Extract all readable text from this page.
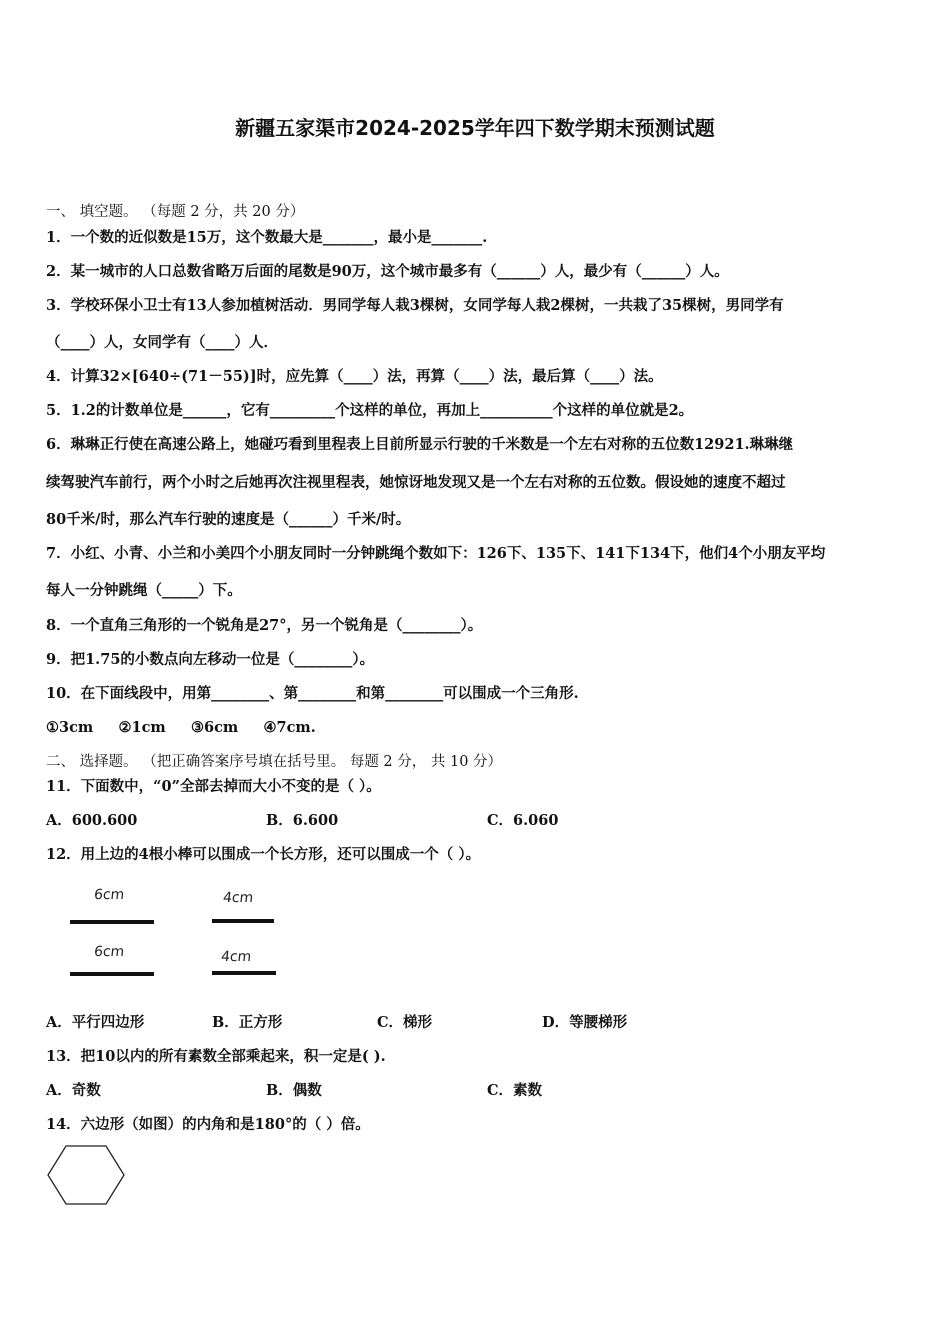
新疆五家渠市2024-2025学年四下数学期末预测试题
一、 填空题。 （每题 2 分，共 20 分）
1．一个数的近似数是15万，这个数最大是_______，最小是_______.
2．某一城市的人口总数省略万后面的尾数是90万，这个城市最多有（______）人，最少有（______）人。
3．学校环保小卫士有13人参加植树活动．男同学每人栽3棵树，女同学每人栽2棵树，一共栽了35棵树，男同学有
（____）人，女同学有（____）人．
4．计算32×[640÷(71－55)]时，应先算（____）法，再算（____）法，最后算（____）法。
5．1.2的计数单位是______，它有_________个这样的单位，再加上__________个这样的单位就是2。
6．琳琳正行使在高速公路上，她碰巧看到里程表上目前所显示行驶的千米数是一个左右对称的五位数12921.琳琳继
续驾驶汽车前行，两个小时之后她再次注视里程表，她惊讶地发现又是一个左右对称的五位数。假设她的速度不超过
80千米/时，那么汽车行驶的速度是（______）千米/时。
7．小红、小青、小兰和小美四个小朋友同时一分钟跳绳个数如下：126下、135下、141下134下，他们4个小朋友平均
每人一分钟跳绳（_____）下。
8．一个直角三角形的一个锐角是27°，另一个锐角是（________）。
9．把1.75的小数点向左移动一位是（________）。
10．在下面线段中，用第________、第________和第________可以围成一个三角形.
①3cm     ②1cm     ③6cm     ④7cm.
二、 选择题。 （把正确答案序号填在括号里。 每题 2 分， 共 10 分）
11．下面数中，“0”全部去掉而大小不变的是（ ）。
A．600.600	B．6.600	C．6.060
12．用上边的4根小棒可以围成一个长方形，还可以围成一个（ ）。
6cm
6cm
4cm
4cm
A．平行四边形	B．正方形	C．梯形	D．等腰梯形
13．把10以内的所有素数全部乘起来，积一定是( ).
A．奇数	B．偶数	C．素数
14．六边形（如图）的内角和是180°的（ ）倍。
